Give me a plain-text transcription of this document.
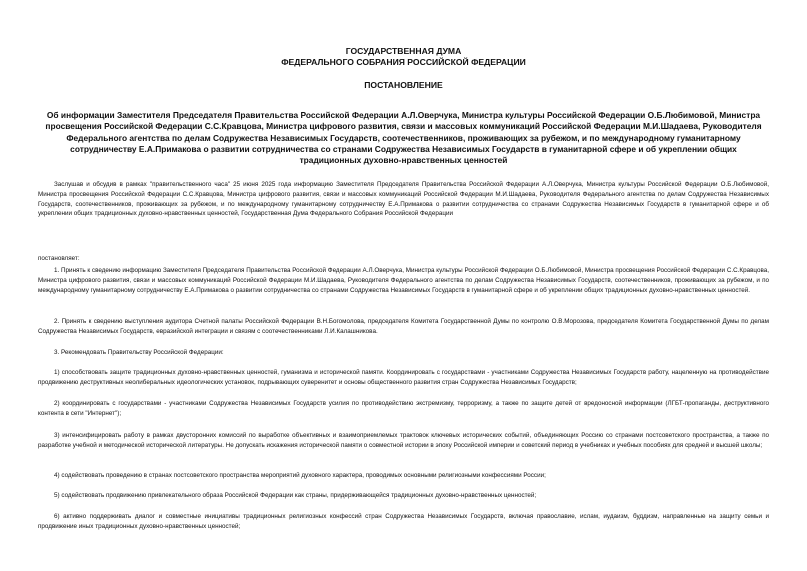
ГОСУДАРСТВЕННАЯ ДУМА

ФЕДЕРАЛЬНОГО СОБРАНИЯ РОССИЙСКОЙ ФЕДЕРАЦИИ

ПОСТАНОВЛЕНИЕ

Об информации Заместителя Председателя Правительства Российской Федерации А.Л.Оверчука, Министра культуры Российской Федерации О.Б.Любимовой, Министра просвещения Российской Федерации С.С.Кравцова, Министра цифрового развития, связи и массовых коммуникаций Российской Федерации М.И.Шадаева, Руководителя Федерального агентства по делам Содружества Независимых Государств, соотечественников, проживающих за рубежом, и по международному гуманитарному сотрудничеству Е.А.Примакова о развитии сотрудничества со странами Содружества Независимых Государств в гуманитарной сфере и об укреплении общих традиционных духовно-нравственных ценностей

Заслушав и обсудив в рамках "правительственного часа" 25 июня 2025 года информацию Заместителя Председателя Правительства Российской Федерации А.Л.Оверчука, Министра культуры Российской Федерации О.Б.Любимовой, Министра просвещения Российской Федерации С.С.Кравцова, Министра цифрового развития, связи и массовых коммуникаций Российской Федерации М.И.Шадаева, Руководителя Федерального агентства по делам Содружества Независимых Государств, соотечественников, проживающих за рубежом, и по международному гуманитарному сотрудничеству Е.А.Примакова о развитии сотрудничества со странами Содружества Независимых Государств в гуманитарной сфере и об укреплении общих традиционных духовно-нравственных ценностей, Государственная Дума Федерального Собрания Российской Федерации

постановляет:

1. Принять к сведению информацию Заместителя Председателя Правительства Российской Федерации А.Л.Оверчука, Министра культуры Российской Федерации О.Б.Любимовой, Министра просвещения Российской Федерации С.С.Кравцова, Министра цифрового развития, связи и массовых коммуникаций Российской Федерации М.И.Шадаева, Руководителя Федерального агентства по делам Содружества Независимых Государств, соотечественников, проживающих за рубежом, и по международному гуманитарному сотрудничеству Е.А.Примакова о развитии сотрудничества со странами Содружества Независимых Государств в гуманитарной сфере и об укреплении общих традиционных духовно-нравственных ценностей.

2. Принять к сведению выступления аудитора Счетной палаты Российской Федерации В.Н.Богомолова, председателя Комитета Государственной Думы по контролю О.В.Морозова, председателя Комитета Государственной Думы по делам Содружества Независимых Государств, евразийской интеграции и связям с соотечественниками Л.И.Калашникова.

3. Рекомендовать Правительству Российской Федерации:

1) способствовать защите традиционных духовно-нравственных ценностей, гуманизма и исторической памяти. Координировать с государствами - участниками Содружества Независимых Государств работу, нацеленную на противодействие продвижению деструктивных неолиберальных идеологических установок, подрывающих суверенитет и основы общественного развития стран Содружества Независимых Государств;

2) координировать с государствами - участниками Содружества Независимых Государств усилия по противодействию экстремизму, терроризму, а также по защите детей от вредоносной информации (ЛГБТ-пропаганды, деструктивного контента в сети "Интернет");

3) интенсифицировать работу в рамках двусторонних комиссий по выработке объективных и взаимоприемлемых трактовок ключевых исторических событий, объединяющих Россию со странами постсоветского пространства, а также по разработке учебной и методической исторической литературы. Не допускать искажения исторической памяти о совместной истории в эпоху Российской империи и советский период в учебниках и учебных пособиях для средней и высшей школы;

4) содействовать проведению в странах постсоветского пространства мероприятий духовного характера, проводимых основными религиозными конфессиями России;

5) содействовать продвижению привлекательного образа Российской Федерации как страны, придерживающейся традиционных духовно-нравственных ценностей;

6) активно поддерживать диалог и совместные инициативы традиционных религиозных конфессий стран Содружества Независимых Государств, включая православие, ислам, иудаизм, буддизм, направленные на защиту семьи и продвижение иных традиционных духовно-нравственных ценностей;
